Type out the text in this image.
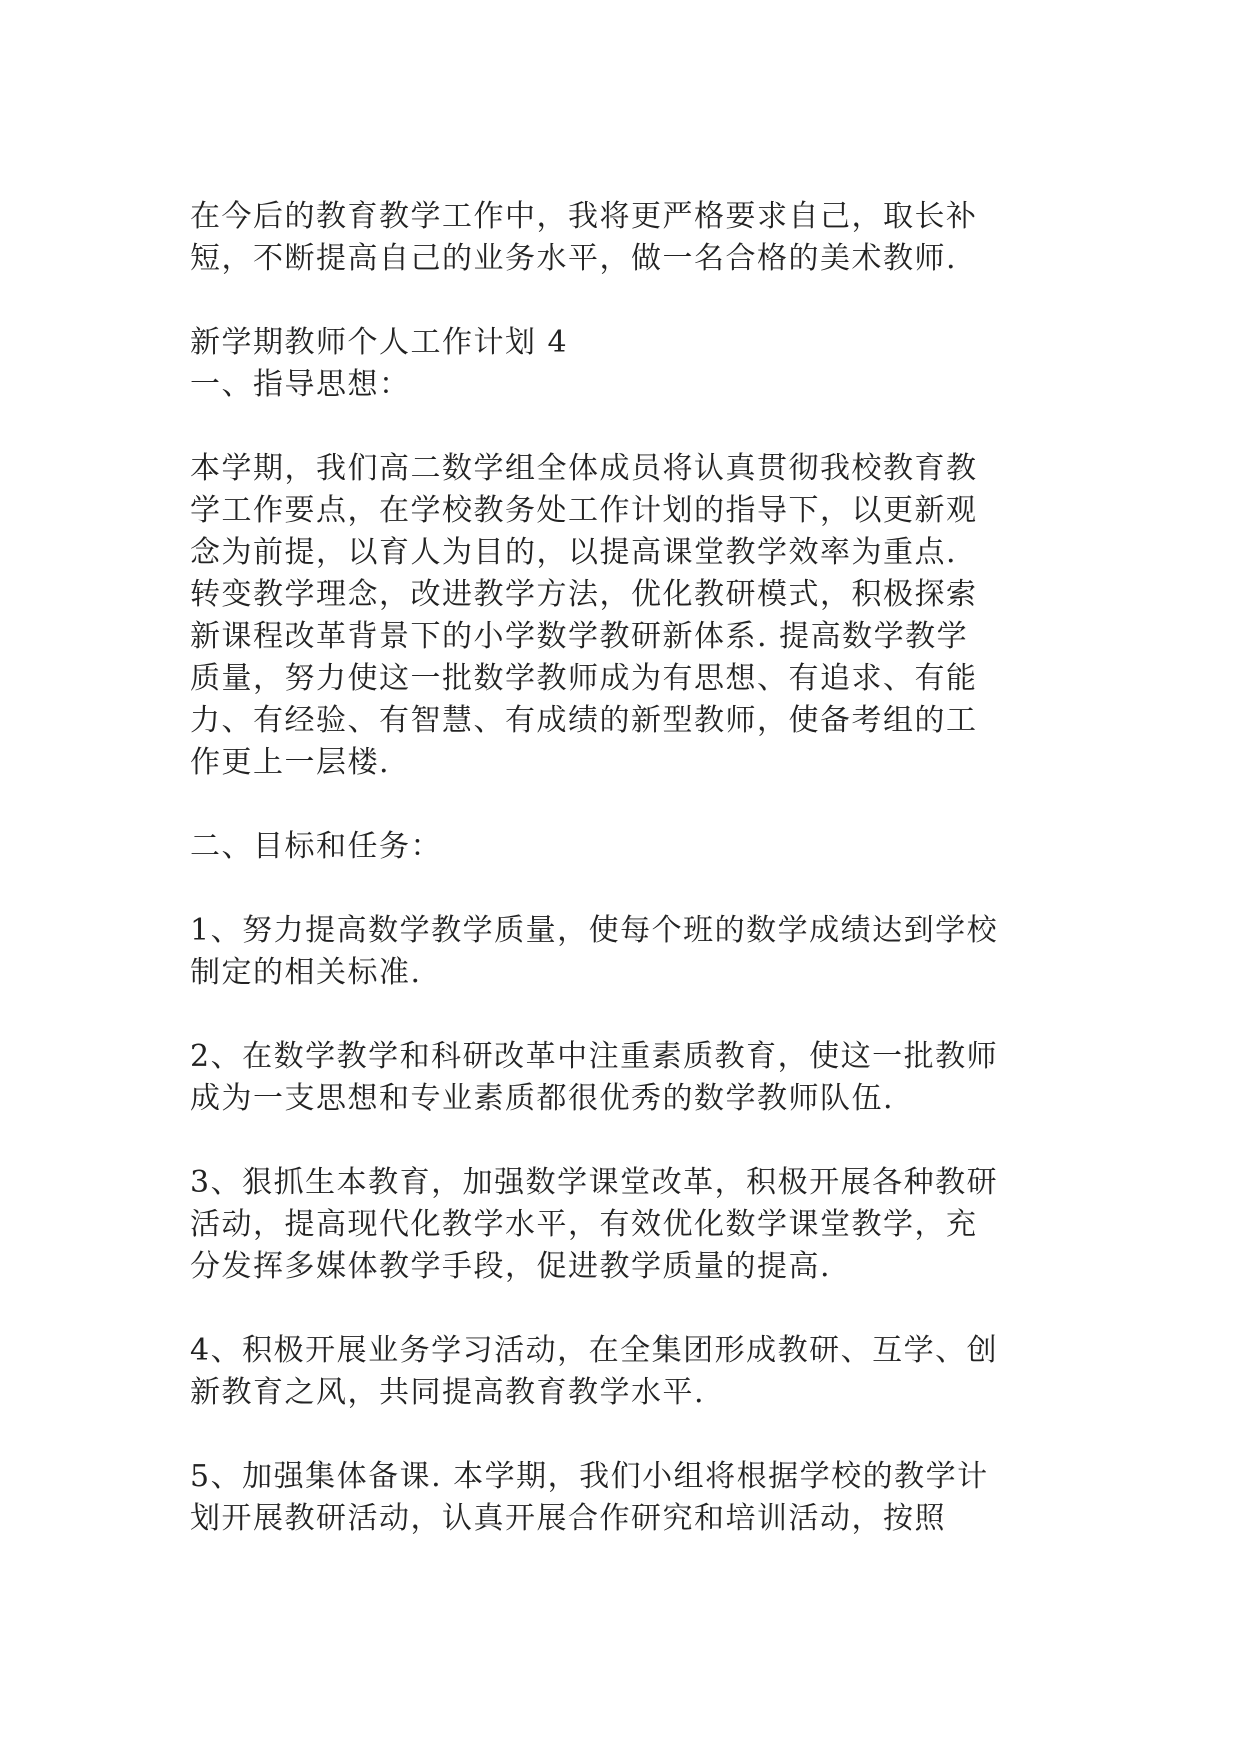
在今后的教育教学工作中，我将更严格要求自己，取长补
短，不断提高自己的业务水平，做一名合格的美术教师.
新学期教师个人工作计划 4
一、指导思想：
本学期，我们高二数学组全体成员将认真贯彻我校教育教
学工作要点，在学校教务处工作计划的指导下，以更新观
念为前提，以育人为目的，以提高课堂教学效率为重点.
转变教学理念，改进教学方法，优化教研模式，积极探索
新课程改革背景下的小学数学教研新体系. 提高数学教学
质量，努力使这一批数学教师成为有思想、有追求、有能
力、有经验、有智慧、有成绩的新型教师，使备考组的工
作更上一层楼.
二、目标和任务：
1、努力提高数学教学质量，使每个班的数学成绩达到学校
制定的相关标准.
2、在数学教学和科研改革中注重素质教育，使这一批教师
成为一支思想和专业素质都很优秀的数学教师队伍.
3、狠抓生本教育，加强数学课堂改革，积极开展各种教研
活动，提高现代化教学水平，有效优化数学课堂教学，充
分发挥多媒体教学手段，促进教学质量的提高.
4、积极开展业务学习活动，在全集团形成教研、互学、创
新教育之风，共同提高教育教学水平.
5、加强集体备课. 本学期，我们小组将根据学校的教学计
划开展教研活动，认真开展合作研究和培训活动，按照
